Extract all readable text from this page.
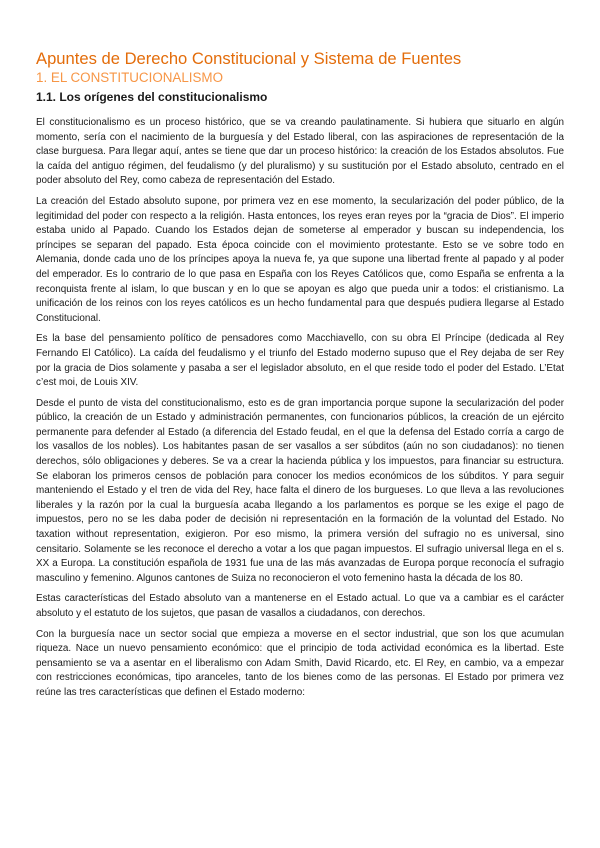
Apuntes de Derecho Constitucional y Sistema de Fuentes
1. EL CONSTITUCIONALISMO
1.1. Los orígenes del constitucionalismo

El constitucionalismo es un proceso histórico, que se va creando paulatinamente. Si hubiera que situarlo en algún momento, sería con el nacimiento de la burguesía y del Estado liberal, con las aspiraciones de representación de la clase burguesa. Para llegar aquí, antes se tiene que dar un proceso histórico: la creación de los Estados absolutos. Fue la caída del antiguo régimen, del feudalismo (y del pluralismo) y su sustitución por el Estado absoluto, centrado en el poder absoluto del Rey, como cabeza de representación del Estado.

La creación del Estado absoluto supone, por primera vez en ese momento, la secularización del poder público, de la legitimidad del poder con respecto a la religión. Hasta entonces, los reyes eran reyes por la “gracia de Dios”. El imperio estaba unido al Papado. Cuando los Estados dejan de someterse al emperador y buscan su independencia, los príncipes se separan del papado. Esta época coincide con el movimiento protestante. Esto se ve sobre todo en Alemania, donde cada uno de los príncipes apoya la nueva fe, ya que supone una libertad frente al papado y al poder del emperador. Es lo contrario de lo que pasa en España con los Reyes Católicos que, como España se enfrenta a la reconquista frente al islam, lo que buscan y en lo que se apoyan es algo que pueda unir a todos: el cristianismo. La unificación de los reinos con los reyes católicos es un hecho fundamental para que después pudiera llegarse al Estado Constitucional.

Es la base del pensamiento político de pensadores como Macchiavello, con su obra El Príncipe (dedicada al Rey Fernando El Católico). La caída del feudalismo y el triunfo del Estado moderno supuso que el Rey dejaba de ser Rey por la gracia de Dios solamente y pasaba a ser el legislador absoluto, en el que reside todo el poder del Estado. L’Etat c’est moi, de Louis XIV.

Desde el punto de vista del constitucionalismo, esto es de gran importancia porque supone la secularización del poder público, la creación de un Estado y administración permanentes, con funcionarios públicos, la creación de un ejército permanente para defender al Estado (a diferencia del Estado feudal, en el que la defensa del Estado corría a cargo de los vasallos de los nobles). Los habitantes pasan de ser vasallos a ser súbditos (aún no son ciudadanos): no tienen derechos, sólo obligaciones y deberes. Se va a crear la hacienda pública y los impuestos, para financiar su estructura. Se elaboran los primeros censos de población para conocer los medios económicos de los súbditos. Y para seguir manteniendo el Estado y el tren de vida del Rey, hace falta el dinero de los burgueses. Lo que lleva a las revoluciones liberales y la razón por la cual la burguesía acaba llegando a los parlamentos es porque se les exige el pago de impuestos, pero no se les daba poder de decisión ni representación en la formación de la voluntad del Estado. No taxation without representation, exigieron. Por eso mismo, la primera versión del sufragio no es universal, sino censitario. Solamente se les reconoce el derecho a votar a los que pagan impuestos. El sufragio universal llega en el s. XX a Europa. La constitución española de 1931 fue una de las más avanzadas de Europa porque reconocía el sufragio masculino y femenino. Algunos cantones de Suiza no reconocieron el voto femenino hasta la década de los 80.

Estas características del Estado absoluto van a mantenerse en el Estado actual. Lo que va a cambiar es el carácter absoluto y el estatuto de los sujetos, que pasan de vasallos a ciudadanos, con derechos.

Con la burguesía nace un sector social que empieza a moverse en el sector industrial, que son los que acumulan riqueza. Nace un nuevo pensamiento económico: que el principio de toda actividad económica es la libertad. Este pensamiento se va a asentar en el liberalismo con Adam Smith, David Ricardo, etc. El Rey, en cambio, va a empezar con restricciones económicas, tipo aranceles, tanto de los bienes como de las personas. El Estado por primera vez reúne las tres características que definen el Estado moderno:
